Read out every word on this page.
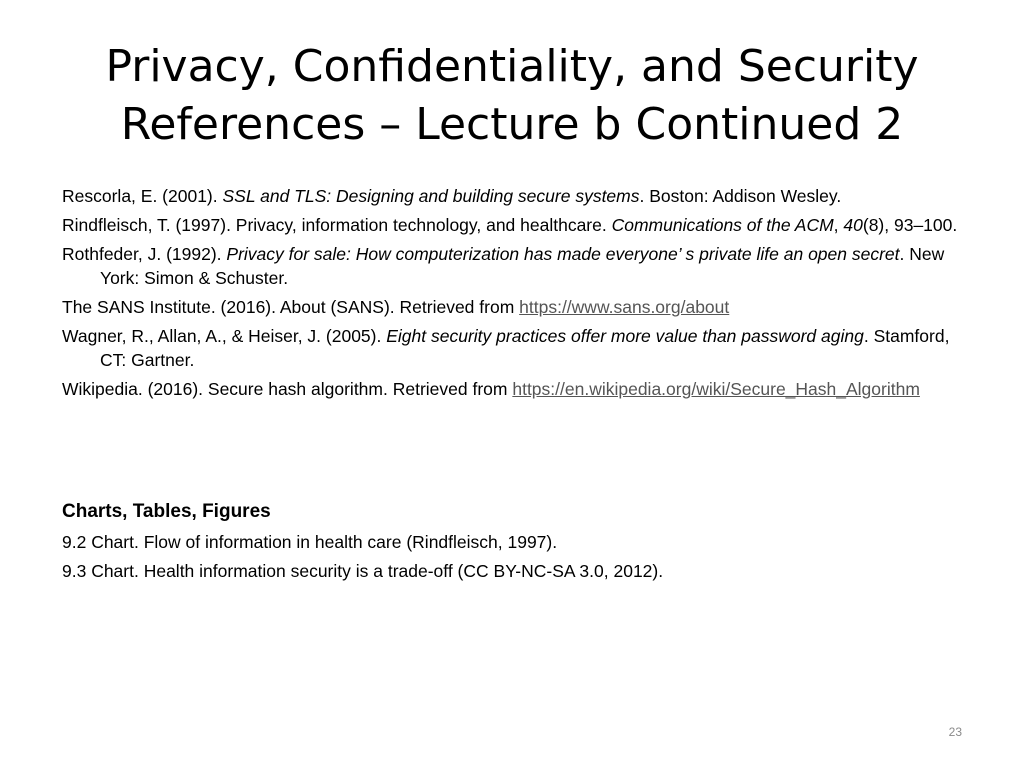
Privacy, Confidentiality, and Security
References – Lecture b Continued 2
Rescorla, E. (2001). SSL and TLS: Designing and building secure systems. Boston: Addison Wesley.
Rindfleisch, T. (1997). Privacy, information technology, and healthcare. Communications of the ACM, 40(8), 93–100.
Rothfeder, J. (1992). Privacy for sale: How computerization has made everyone’ s private life an open secret. New York: Simon & Schuster.
The SANS Institute. (2016). About (SANS). Retrieved from https://www.sans.org/about
Wagner, R., Allan, A., & Heiser, J. (2005). Eight security practices offer more value than password aging. Stamford, CT: Gartner.
Wikipedia. (2016). Secure hash algorithm. Retrieved from https://en.wikipedia.org/wiki/Secure_Hash_Algorithm
Charts, Tables, Figures
9.2 Chart. Flow of information in health care (Rindfleisch, 1997).
9.3 Chart. Health information security is a trade-off (CC BY-NC-SA 3.0, 2012).
23
